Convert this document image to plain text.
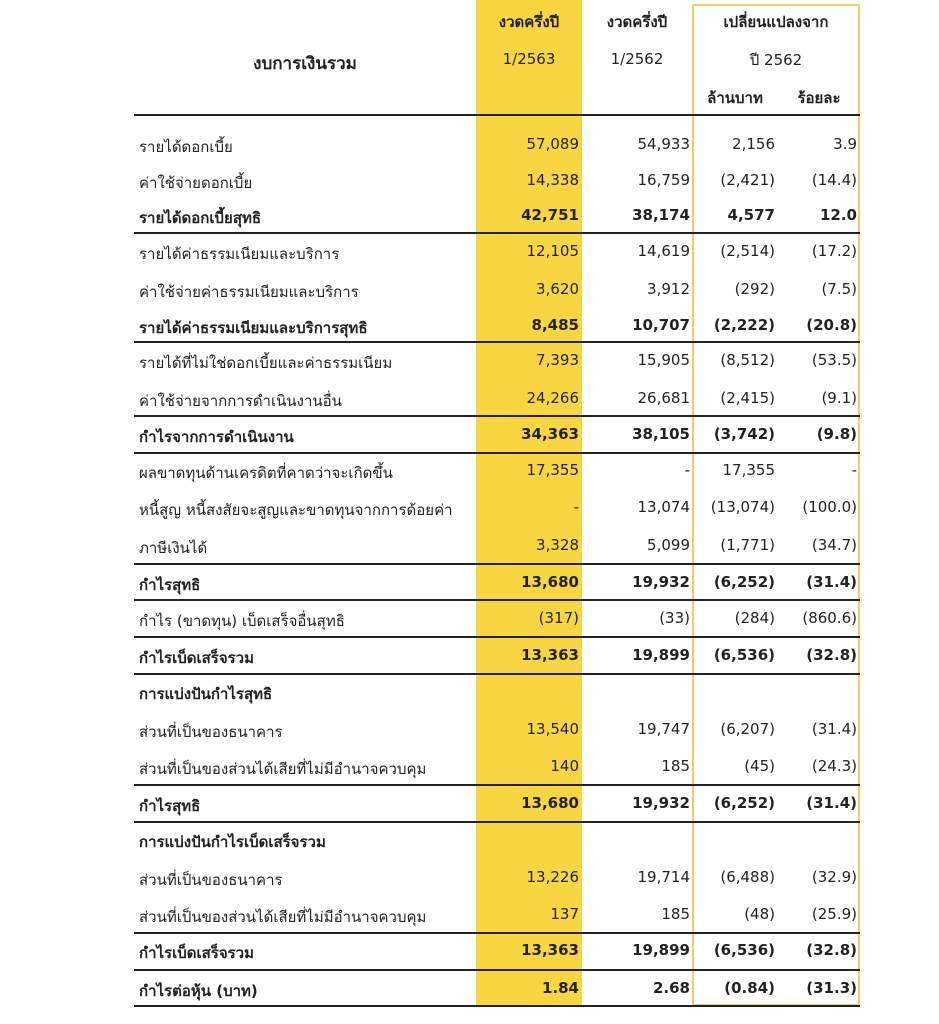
งบการเงินรวม
งวดครึ่งปี
1/2563
งวดครึ่งปี
1/2562
เปลี่ยนแปลงจาก
ปี 2562
ล้านบาท	ร้อยละ
รายได้ดอกเบี้ย	57,089	54,933	2,156	3.9
ค่าใช้จ่ายดอกเบี้ย	14,338	16,759 (2,421) (14.4)
รายได้ดอกเบี้ยสุทธิ	42,751	38,174	4,577	12.0
รายได้ค่าธรรมเนียมและบริการ	12,105	14,619 (2,514) (17.2)
ค่าใช้จ่ายค่าธรรมเนียมและบริการ	3,620	3,912	(292)	(7.5)
รายได้ค่าธรรมเนียมและบริการสุทธิ	8,485	10,707 (2,222) (20.8)
รายได้ที่ไม่ใช่ดอกเบี้ยและค่าธรรมเนียม	7,393	15,905 (8,512) (53.5)
ค่าใช้จ่ายจากการดำเนินงานอื่น	24,266	26,681 (2,415)	(9.1)
กำไรจากการดำเนินงาน	34,363	38,105 (3,742)	(9.8)
ผลขาดทุนด้านเครดิตที่คาดว่าจะเกิดขึ้น	17,355	- 17,355	-
หนี้สูญ หนี้สงสัยจะสูญและขาดทุนจากการด้อยค่า	-	13,074 (13,074) (100.0)
ภาษีเงินได้	3,328	5,099 (1,771) (34.7)
กำไรสุทธิ	13,680	19,932 (6,252) (31.4)
กำไร (ขาดทุน) เบ็ดเสร็จอื่นสุทธิ	(317)	(33)	(284) (860.6)
กำไรเบ็ดเสร็จรวม	13,363	19,899 (6,536) (32.8)
การแบ่งปันกำไรสุทธิ
ส่วนที่เป็นของธนาคาร	13,540	19,747 (6,207) (31.4)
ส่วนที่เป็นของส่วนได้เสียที่ไม่มีอำนาจควบคุม	140	185	(45) (24.3)
กำไรสุทธิ	13,680	19,932 (6,252) (31.4)
การแบ่งปันกำไรเบ็ดเสร็จรวม
ส่วนที่เป็นของธนาคาร	13,226	19,714 (6,488) (32.9)
ส่วนที่เป็นของส่วนได้เสียที่ไม่มีอำนาจควบคุม	137	185	(48) (25.9)
กำไรเบ็ดเสร็จรวม	13,363	19,899 (6,536) (32.8)
กำไรต่อหุ้น (บาท)	1.84	2.68 (0.84) (31.3)
